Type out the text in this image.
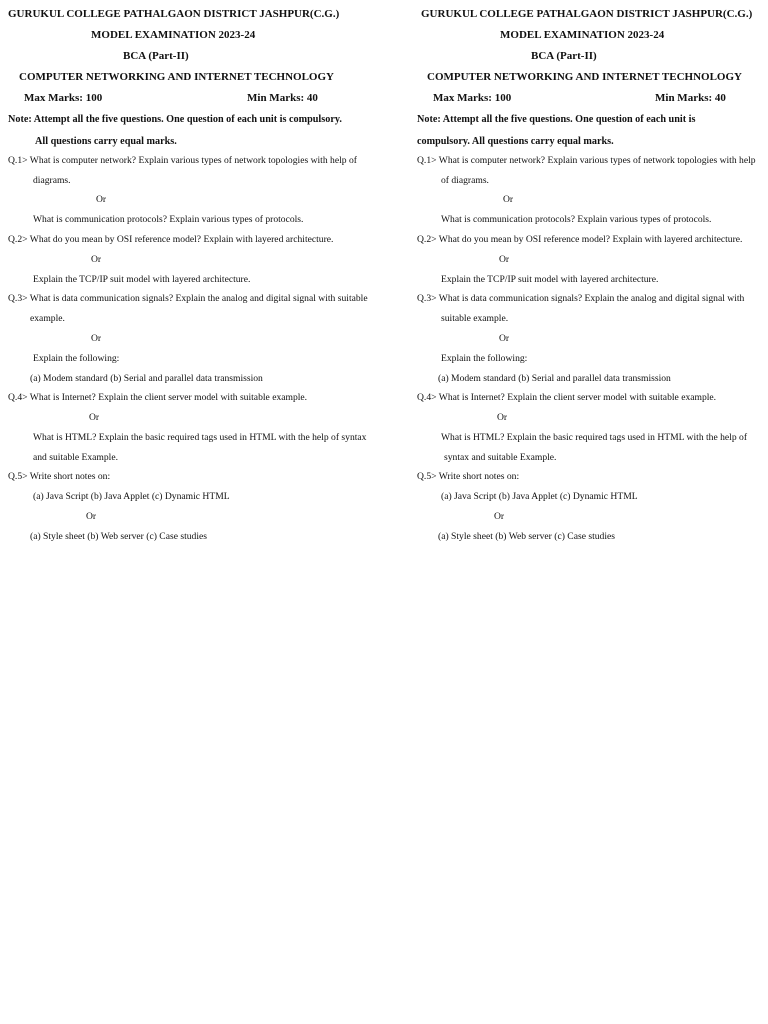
GURUKUL COLLEGE PATHALGAON DISTRICT JASHPUR(C.G.)
MODEL EXAMINATION 2023-24
BCA (Part-II)
COMPUTER NETWORKING AND INTERNET TECHNOLOGY
Max Marks: 100	Min Marks: 40
Note: Attempt all the five questions. One question of each unit is compulsory.
All questions carry equal marks.
Q.1> What is computer network? Explain various types of network topologies with help of
diagrams.
Or
What is communication protocols? Explain various types of protocols.
Q.2> What do you mean by OSI reference model? Explain with layered architecture.
Or
Explain the TCP/IP suit model with layered architecture.
Q.3> What is data communication signals? Explain the analog and digital signal with suitable
example.
Or
Explain the following:
(a) Modem standard (b) Serial and parallel data transmission
Q.4> What is Internet? Explain the client server model with suitable example.
Or
What is HTML? Explain the basic required tags used in HTML with the help of syntax
and suitable Example.
Q.5> Write short notes on:
(a) Java Script (b) Java Applet (c) Dynamic HTML
Or
(a) Style sheet (b) Web server (c) Case studies
GURUKUL COLLEGE PATHALGAON DISTRICT JASHPUR(C.G.)
MODEL EXAMINATION 2023-24
BCA (Part-II)
COMPUTER NETWORKING AND INTERNET TECHNOLOGY
Max Marks: 100	Min Marks: 40
Note: Attempt all the five questions. One question of each unit is
compulsory. All questions carry equal marks.
Q.1> What is computer network? Explain various types of network topologies with help
of diagrams.
Or
What is communication protocols? Explain various types of protocols.
Q.2> What do you mean by OSI reference model? Explain with layered architecture.
Or
Explain the TCP/IP suit model with layered architecture.
Q.3> What is data communication signals? Explain the analog and digital signal with
suitable example.
Or
Explain the following:
(a) Modem standard (b) Serial and parallel data transmission
Q.4> What is Internet? Explain the client server model with suitable example.
Or
What is HTML? Explain the basic required tags used in HTML with the help of
syntax and suitable Example.
Q.5> Write short notes on:
(a) Java Script (b) Java Applet (c) Dynamic HTML
Or
(a) Style sheet (b) Web server (c) Case studies
